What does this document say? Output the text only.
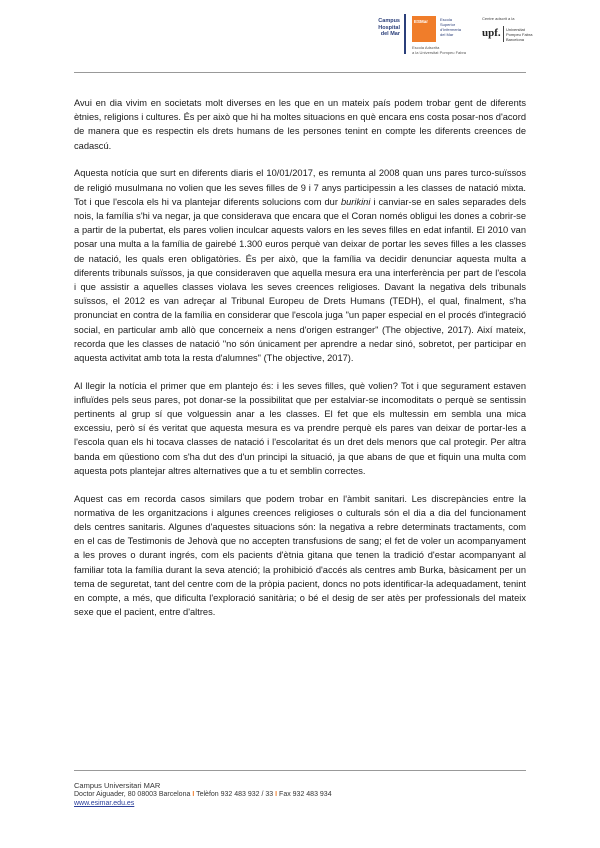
Campus
Hospital
del Mar
ESMar	Escola
Superior
d'Infermeria
del Mar
Escola Adscrita
a la Universitat Pompeu Fabra
Centre adscrit a la
upf. Universitat
Pompeu Fabra
Barcelona

Avui en dia vivim en societats molt diverses en les que en un mateix país podem trobar gent de diferents ètnies, religions i cultures. És per això que hi ha moltes situacions en què encara ens costa posar-nos d'acord de manera que es respectin els drets humans de les persones tenint en compte les diferents creences de cadascú.

Aquesta notícia que surt en diferents diaris el 10/01/2017, es remunta al 2008 quan uns pares turco-suïssos de religió musulmana no volien que les seves filles de 9 i 7 anys participessin a les classes de natació mixta. Tot i que l'escola els hi va plantejar diferents solucions com dur burikini i canviar-se en sales separades dels nois, la família s'hi va negar, ja que considerava que encara que el Coran només obligui les dones a cobrir-se a partir de la pubertat, els pares volien inculcar aquests valors en les seves filles en edat infantil. El 2010 van posar una multa a la família de gairebé 1.300 euros perquè van deixar de portar les seves filles a les classes de natació, les quals eren obligatòries. És per això, que la família va decidir denunciar aquesta multa a diferents tribunals suïssos, ja que consideraven que aquella mesura era una interferència per part de l'escola i que assistir a aquelles classes violava les seves creences religioses. Davant la negativa dels tribunals suïssos, el 2012 es van adreçar al Tribunal Europeu de Drets Humans (TEDH), el qual, finalment, s'ha pronunciat en contra de la família en considerar que l'escola juga "un paper especial en el procés d'integració social, en particular amb allò que concerneix a nens d'origen estranger" (The objective, 2017). Així mateix, recorda que les classes de natació "no són únicament per aprendre a nedar sinó, sobretot, per participar en aquesta activitat amb tota la resta d'alumnes" (The objective, 2017).

Al llegir la notícia el primer que em plantejo és: i les seves filles, què volien? Tot i que segurament estaven influïdes pels seus pares, pot donar-se la possibilitat que per estalviar-se incomoditats o perquè se sentissin pertinents al grup sí que volguessin anar a les classes. El fet que els multessin em sembla una mica excessiu, però sí és veritat que aquesta mesura es va prendre perquè els pares van deixar de portar-les a l'escola quan els hi tocava classes de natació i l'escolaritat és un dret dels menors que cal protegir. Per altra banda em qüestiono com s'ha dut des d'un principi la situació, ja que abans de que et fiquin una multa com aquesta pots plantejar altres alternatives que a tu et semblin correctes.

Aquest cas em recorda casos similars que podem trobar en l'àmbit sanitari. Les discrepàncies entre la normativa de les organitzacions i algunes creences religioses o culturals són el dia a dia del funcionament dels centres sanitaris. Algunes d'aquestes situacions són: la negativa a rebre determinats tractaments, com en el cas de Testimonis de Jehovà que no accepten transfusions de sang; el fet de voler un acompanyament a les proves o durant ingrés, com els pacients d'ètnia gitana que tenen la tradició d'estar acompanyant al familiar tota la família durant la seva atenció; la prohibició d'accés als centres amb Burka, bàsicament per un tema de seguretat, tant del centre com de la pròpia pacient, doncs no pots identificar-la adequadament, tenint en compte, a més, que dificulta l'exploració sanitària; o bé el desig de ser atès per professionals del mateix sexe que el pacient, entre d'altres.

Campus Universitari MAR
Doctor Aiguader, 80 08003 Barcelona I Telèfon 932 483 932 / 33 I Fax 932 483 934
www.esimar.edu.es
